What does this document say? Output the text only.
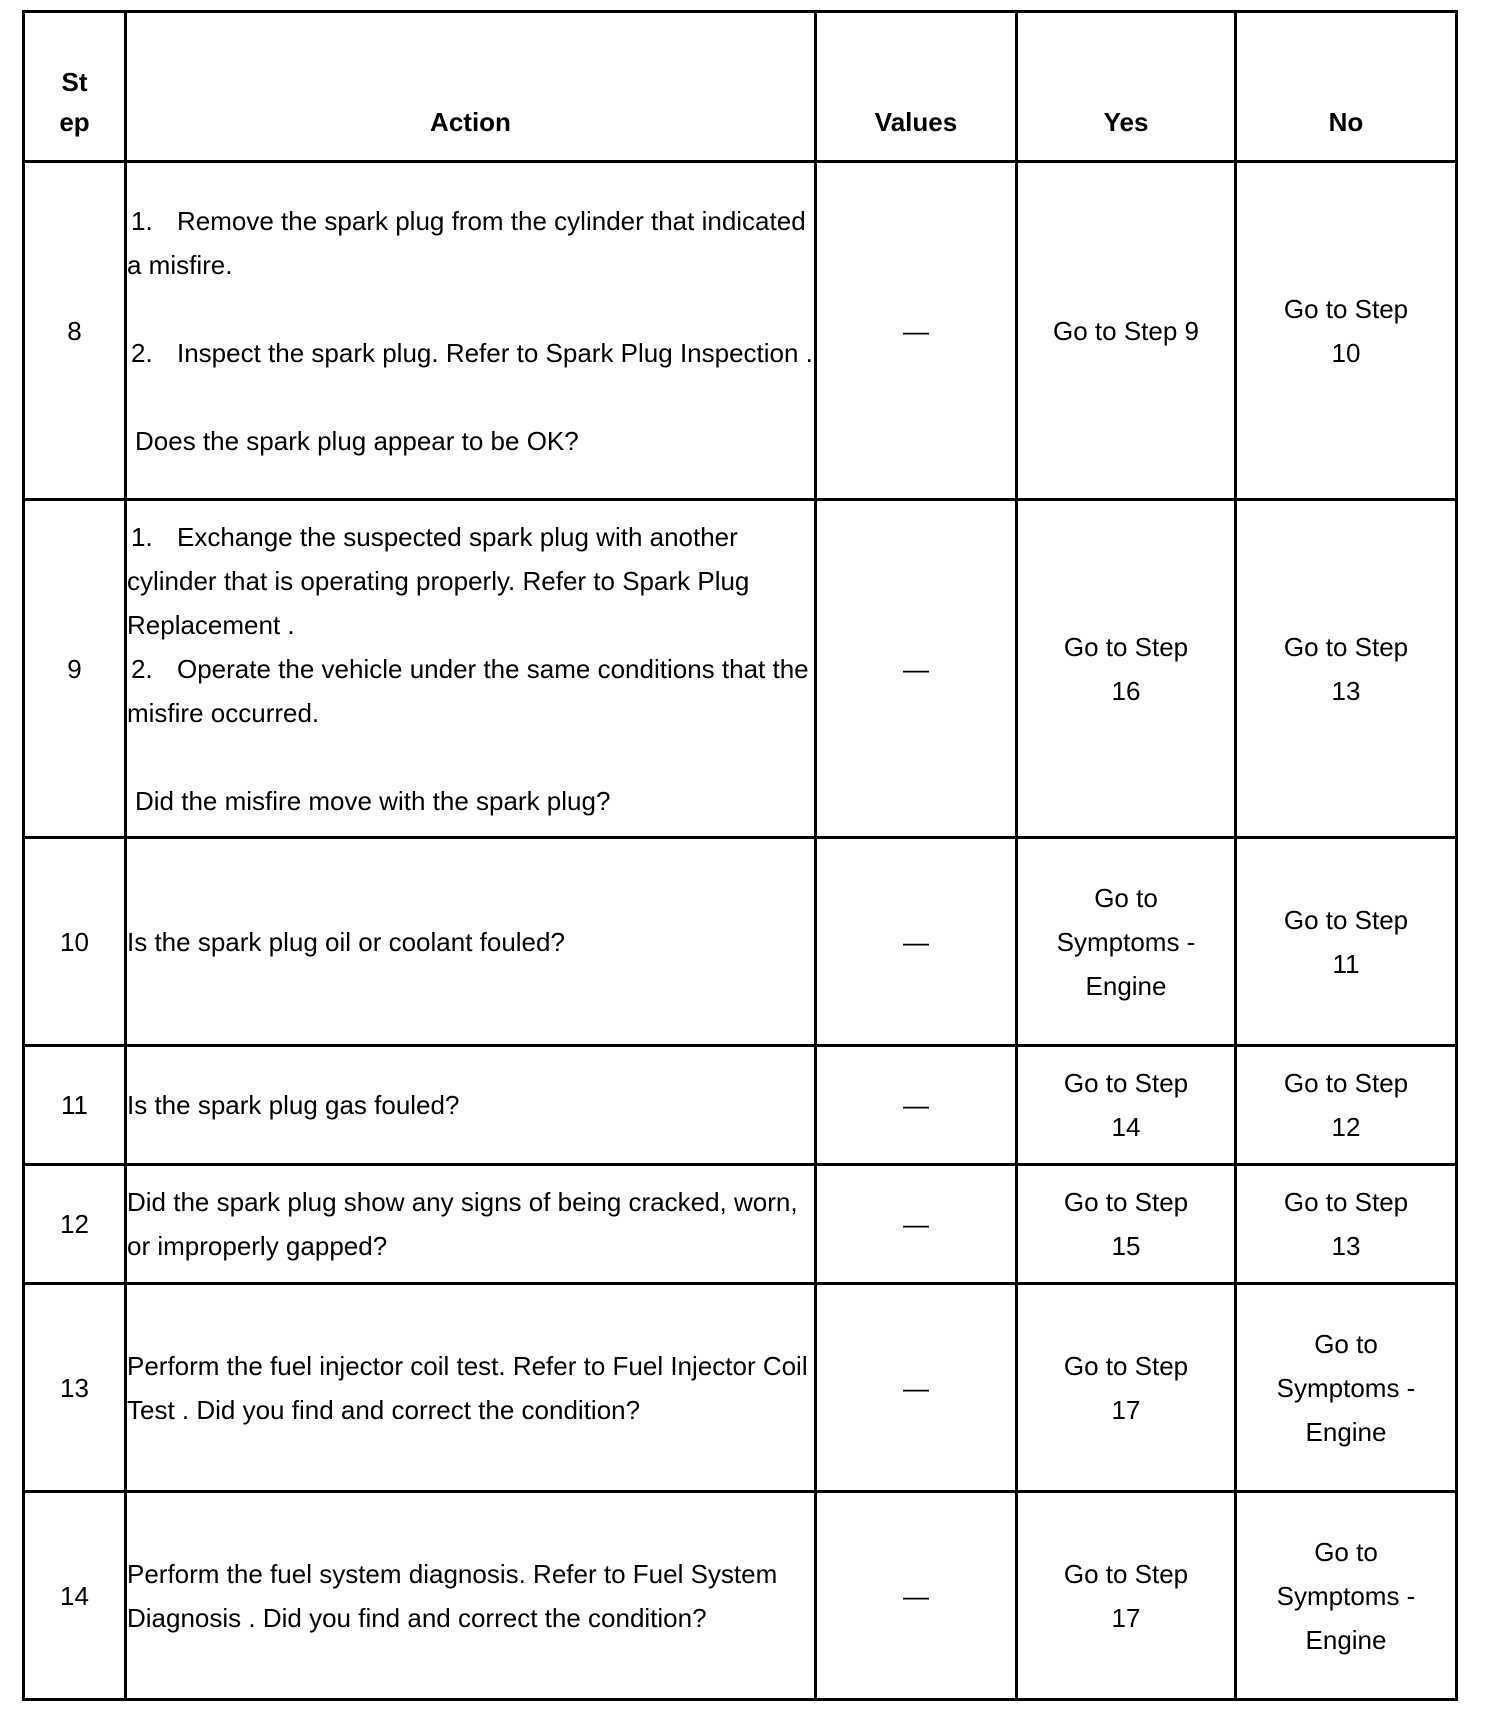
St ep	Action	Values	Yes	No
8	1. Remove the spark plug from the cylinder that indicated a misfire.
2. Inspect the spark plug. Refer to Spark Plug Inspection .

Does the spark plug appear to be OK?	—	Go to Step 9	Go to Step 10
9	1. Exchange the suspected spark plug with another cylinder that is operating properly. Refer to Spark Plug Replacement .
2. Operate the vehicle under the same conditions that the misfire occurred.

Did the misfire move with the spark plug?	—	Go to Step 16	Go to Step 13
10	Is the spark plug oil or coolant fouled?	—	Go to Symptoms - Engine	Go to Step 11
11	Is the spark plug gas fouled?	—	Go to Step 14	Go to Step 12
12	Did the spark plug show any signs of being cracked, worn, or improperly gapped?	—	Go to Step 15	Go to Step 13
13	Perform the fuel injector coil test. Refer to Fuel Injector Coil Test . Did you find and correct the condition?	—	Go to Step 17	Go to Symptoms - Engine
14	Perform the fuel system diagnosis. Refer to Fuel System Diagnosis . Did you find and correct the condition?	—	Go to Step 17	Go to Symptoms - Engine
